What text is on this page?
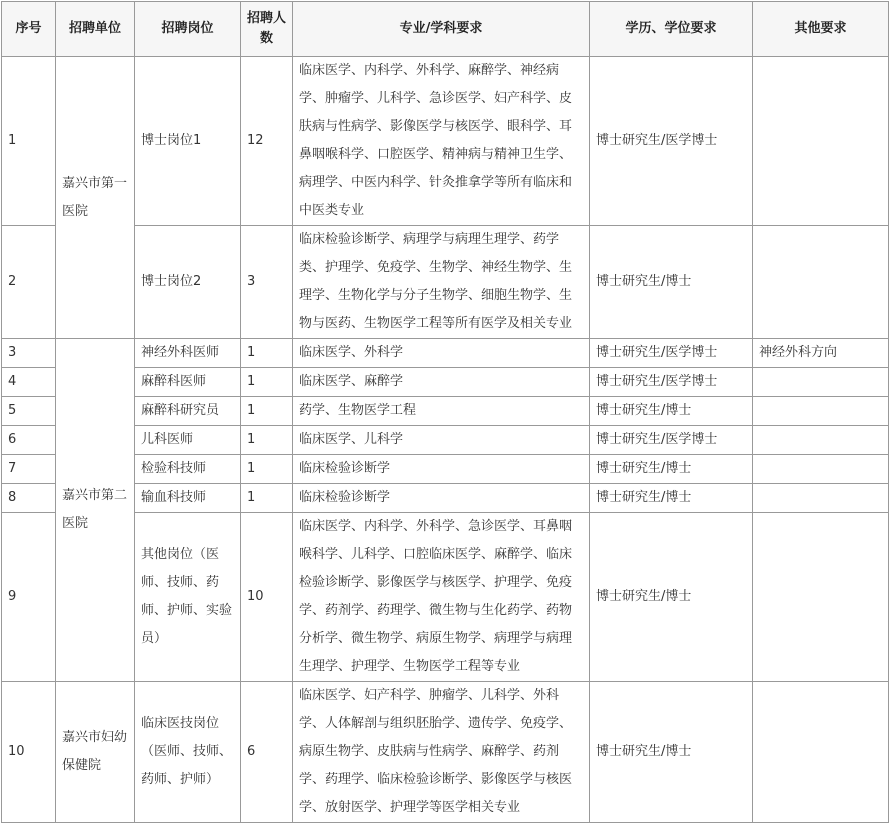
序号	招聘单位	招聘岗位	招聘人数	专业/学科要求	学历、学位要求	其他要求
1	嘉兴市第一医院	博士岗位1	12	临床医学、内科学、外科学、麻醉学、神经病学、肿瘤学、儿科学、急诊医学、妇产科学、皮肤病与性病学、影像医学与核医学、眼科学、耳鼻咽喉科学、口腔医学、精神病与精神卫生学、病理学、中医内科学、针灸推拿学等所有临床和中医类专业	博士研究生/医学博士	
2		博士岗位2	3	临床检验诊断学、病理学与病理生理学、药学类、护理学、免疫学、生物学、神经生物学、生理学、生物化学与分子生物学、细胞生物学、生物与医药、生物医学工程等所有医学及相关专业	博士研究生/博士	
3	嘉兴市第二医院	神经外科医师	1	临床医学、外科学	博士研究生/医学博士	神经外科方向
4		麻醉科医师	1	临床医学、麻醉学	博士研究生/医学博士	
5		麻醉科研究员	1	药学、生物医学工程	博士研究生/博士	
6		儿科医师	1	临床医学、儿科学	博士研究生/医学博士	
7		检验科技师	1	临床检验诊断学	博士研究生/博士	
8		输血科技师	1	临床检验诊断学	博士研究生/博士	
9		其他岗位（医师、技师、药师、护师、实验员）	10	临床医学、内科学、外科学、急诊医学、耳鼻咽喉科学、儿科学、口腔临床医学、麻醉学、临床检验诊断学、影像医学与核医学、护理学、免疫学、药剂学、药理学、微生物与生化药学、药物分析学、微生物学、病原生物学、病理学与病理生理学、护理学、生物医学工程等专业	博士研究生/博士	
10	嘉兴市妇幼保健院	临床医技岗位（医师、技师、药师、护师）	6	临床医学、妇产科学、肿瘤学、儿科学、外科学、人体解剖与组织胚胎学、遗传学、免疫学、病原生物学、皮肤病与性病学、麻醉学、药剂学、药理学、临床检验诊断学、影像医学与核医学、放射医学、护理学等医学相关专业	博士研究生/博士	
